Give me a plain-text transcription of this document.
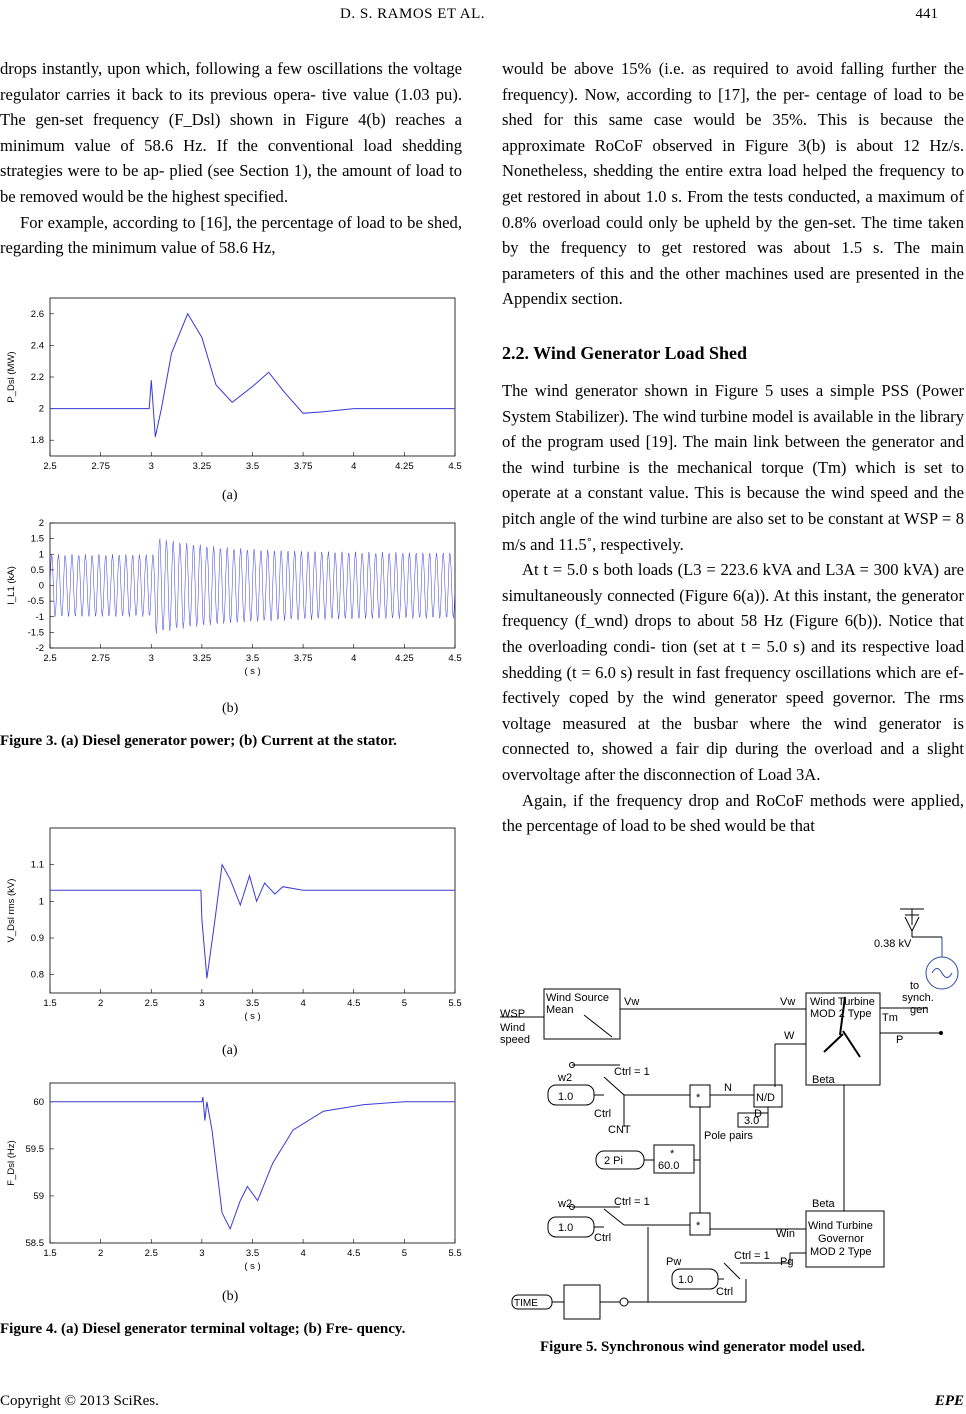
D. S. RAMOS ET AL.	441

drops instantly, upon which, following a few oscillations the voltage regulator carries it back to its previous opera- tive value (1.03 pu). The gen-set frequency (F_Dsl) shown in Figure 4(b) reaches a minimum value of 58.6 Hz. If the conventional load shedding strategies were to be ap- plied (see Section 1), the amount of load to be removed would be the highest specified.

For example, according to [16], the percentage of load to be shed, regarding the minimum value of 58.6 Hz,

would be above 15% (i.e. as required to avoid falling further the frequency). Now, according to [17], the per- centage of load to be shed for this same case would be 35%. This is because the approximate RoCoF observed in Figure 3(b) is about 12 Hz/s. Nonetheless, shedding the entire extra load helped the frequency to get restored in about 1.0 s. From the tests conducted, a maximum of 0.8% overload could only be upheld by the gen-set. The time taken by the frequency to get restored was about 1.5 s. The main parameters of this and the other machines used are presented in the Appendix section.

2.2. Wind Generator Load Shed

The wind generator shown in Figure 5 uses a simple PSS (Power System Stabilizer). The wind turbine model is available in the library of the program used [19]. The main link between the generator and the wind turbine is the mechanical torque (Tm) which is set to operate at a constant value. This is because the wind speed and the pitch angle of the wind turbine are also set to be constant at WSP = 8 m/s and 11.5˚, respectively.

At t = 5.0 s both loads (L3 = 223.6 kVA and L3A = 300 kVA) are simultaneously connected (Figure 6(a)). At this instant, the generator frequency (f_wnd) drops to about 58 Hz (Figure 6(b)). Notice that the overloading condi- tion (set at t = 5.0 s) and its respective load shedding (t = 6.0 s) result in fast frequency oscillations which are ef- fectively coped by the wind generator speed governor. The rms voltage measured at the busbar where the wind generator is connected to, showed a fair dip during the overload and a slight overvoltage after the disconnection of Load 3A.

Again, if the frequency drop and RoCoF methods were applied, the percentage of load to be shed would be that

2.5	2.75	3	3.25	3.5	3.75	4	4.25	4.5
1.8
2
2.2
2.4
2.6
P_Dsl (MW)
(a)
2.5	2.75	3	3.25	3.5	3.75	4	4.25	4.5
-2
-1.5
-1
-0.5
0
0.5
1
1.5
2
I_L1 (kA)
( s )
(b)
Figure 3. (a) Diesel generator power; (b) Current at the stator.
1.5	2	2.5	3	3.5	4	4.5	5	5.5
0.8
0.9
1
1.1
V_Dsl rms (kV)
( s )
(a)
1.5	2	2.5	3	3.5	4	4.5	5	5.5
58.5
59
59.5
60
F_Dsl (Hz)
( s )
(b)
Figure 4. (a) Diesel generator terminal voltage; (b) Fre- quency.
0.38 kV
to
synch.
gen
WSP
Wind
speed
Wind Source
Mean
Vw	Vw Wind Turbine
MOD 2 Type Tm
W	P
Beta
w2	Ctrl = 1
1.0
Ctrl
CNT
*
N
N/D
3.0
D
Pole pairs
2 Pi
*
60.0
w2	Ctrl = 1
1.0
Ctrl
*
Beta
Win
Wind Turbine
Governor
MOD 2 Type
Pw	Ctrl = 1 Pg
1.0
Ctrl
TIME
Figure 5. Synchronous wind generator model used.
Copyright © 2013 SciRes.	EPE
